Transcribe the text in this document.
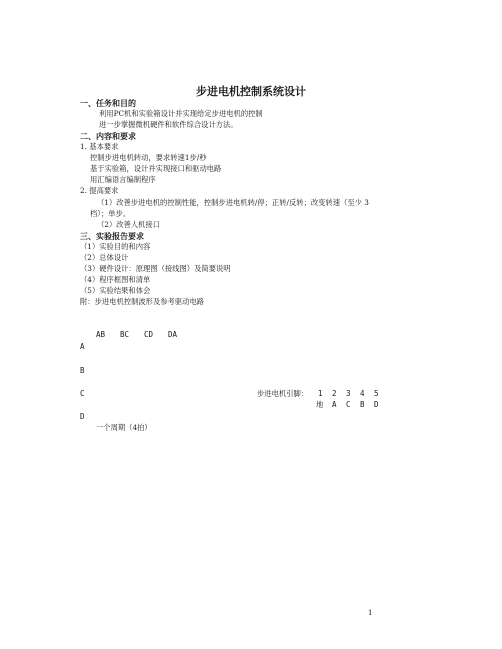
步进电机控制系统设计
一、任务和目的
利用PC机和实验箱设计并实现给定步进电机的控制
进一步掌握微机硬件和软件综合设计方法。
二、内容和要求
1. 基本要求
控制步进电机转动，要求转速1步/秒
基于实验箱，设计并实现接口和驱动电路
用汇编语言编制程序
2. 提高要求
（1）改善步进电机的控制性能，控制步进电机转/停；正转/反转；改变转速（至少 3
档）；单步。
（2）改善人机接口
三、实验报告要求
（1）实验目的和内容
（2）总体设计
（3）硬件设计：原理图（接线图）及简要说明
（4）程序框图和清单
（5）实验结果和体会
附：步进电机控制波形及参考驱动电路
AB BC CD DA
A
B
C
D
步进电机引脚： 1 2 3 4 5
地 A C B D
一个周期（4拍）
1
